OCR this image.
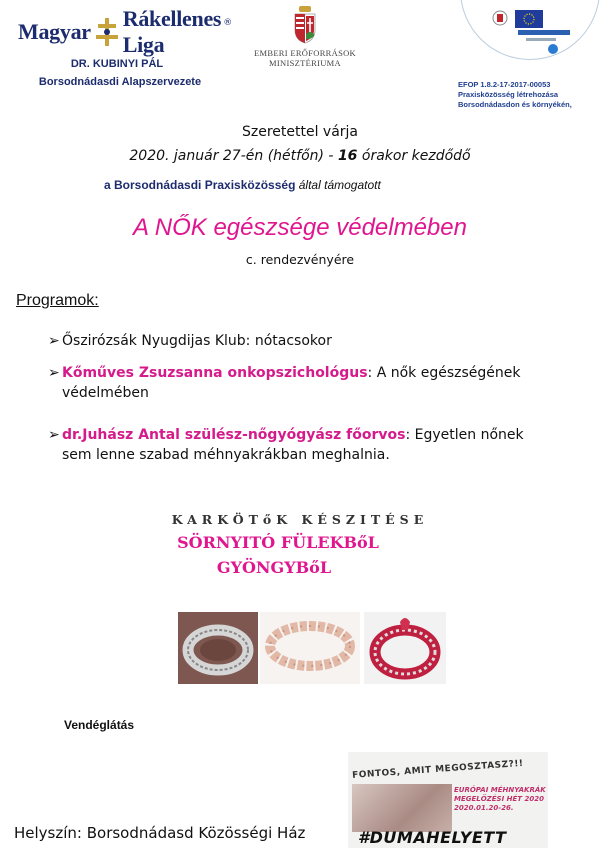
Magyar
Rákellenes Liga
®
DR. KUBINYI PÁL
Borsodnádasdi Alapszervezete
EMBERI ERŐFORRÁSOK
MINISZTÉRIUMA
EFOP 1.8.2-17-2017-00053
Praxisközösség létrehozása
Borsodnádasdon és környékén,
Szeretettel várja
2020. január 27-én (hétfőn) - 16 órakor kezdődő
a Borsodnádasdi Praxisközösség által támogatott
A NŐK egészsége védelmében
c. rendezvényére
Programok:
➢ Őszirózsák Nyugdijas Klub: nótacsokor
➢ Kőműves Zsuzsanna onkopszichológus: A nők egészségének
védelmében
➢ dr.Juhász Antal szülész-nőgyógyász főorvos: Egyetlen nőnek
sem lenne szabad méhnyakrákban meghalnia.
KARKÖTőK KÉSZITÉSE
SÖRNYITÓ FÜLEKBőL
GYÖNGYBőL
Vendéglátás
FONTOS, AMIT MEGOSZTASZ?!!
EURÓPAI MÉHNYAKRÁK
MEGELŐZÉSI HÉT 2020
2020.01.20-26.
#DUMAHELYETT
Helyszín: Borsodnádasd Közösségi Ház
